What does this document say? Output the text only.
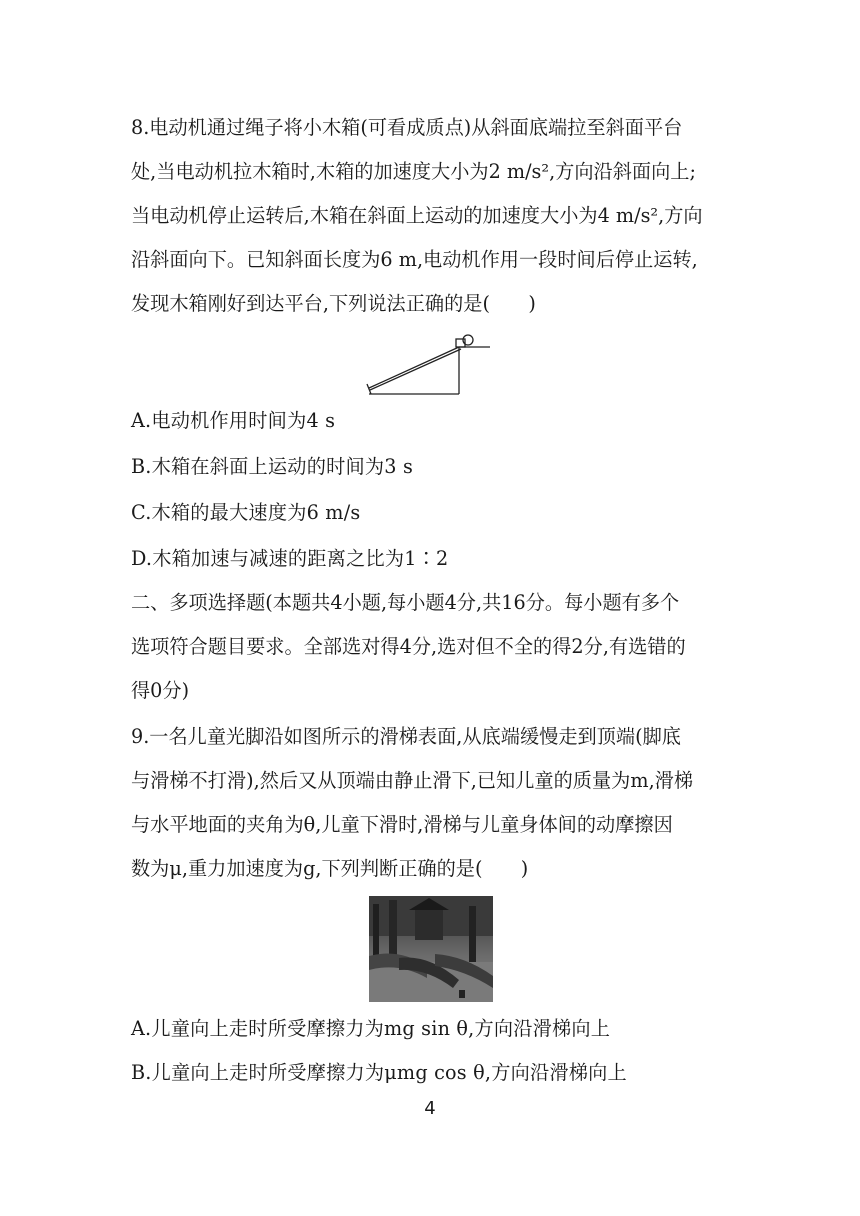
8.电动机通过绳子将小木箱(可看成质点)从斜面底端拉至斜面平台
处,当电动机拉木箱时,木箱的加速度大小为2 m/s²,方向沿斜面向上;
当电动机停止运转后,木箱在斜面上运动的加速度大小为4 m/s²,方向
沿斜面向下。已知斜面长度为6 m,电动机作用一段时间后停止运转,
发现木箱刚好到达平台,下列说法正确的是(　　)
A.电动机作用时间为4 s
B.木箱在斜面上运动的时间为3 s
C.木箱的最大速度为6 m/s
D.木箱加速与减速的距离之比为1∶2
二、多项选择题(本题共4小题,每小题4分,共16分。每小题有多个
选项符合题目要求。全部选对得4分,选对但不全的得2分,有选错的
得0分)
9.一名儿童光脚沿如图所示的滑梯表面,从底端缓慢走到顶端(脚底
与滑梯不打滑),然后又从顶端由静止滑下,已知儿童的质量为m,滑梯
与水平地面的夹角为θ,儿童下滑时,滑梯与儿童身体间的动摩擦因
数为μ,重力加速度为g,下列判断正确的是(　　)
A.儿童向上走时所受摩擦力为mg sin θ,方向沿滑梯向上
B.儿童向上走时所受摩擦力为μmg cos θ,方向沿滑梯向上
4
